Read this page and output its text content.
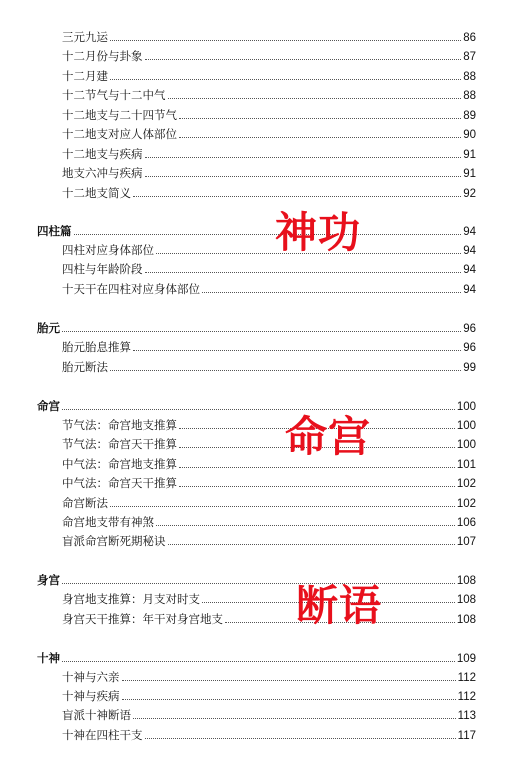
三元九运	86
十二月份与卦象	87
十二月建	88
十二节气与十二中气	88
十二地支与二十四节气	89
十二地支对应人体部位	90
十二地支与疾病	91
地支六冲与疾病	91
十二地支简义	92
四柱篇	94
四柱对应身体部位	94
四柱与年龄阶段	94
十天干在四柱对应身体部位	94
胎元	96
胎元胎息推算	96
胎元断法	99
命宫	100
节气法：命宫地支推算	100
节气法：命宫天干推算	100
中气法：命宫地支推算	101
中气法：命宫天干推算	102
命宫断法	102
命宫地支带有神煞	106
盲派命宫断死期秘诀	107
身宫	108
身宫地支推算：月支对时支	108
身宫天干推算：年干对身宫地支	108
十神	109
十神与六亲	112
十神与疾病	112
盲派十神断语	113
十神在四柱干支	117
神功
命宫
断语
